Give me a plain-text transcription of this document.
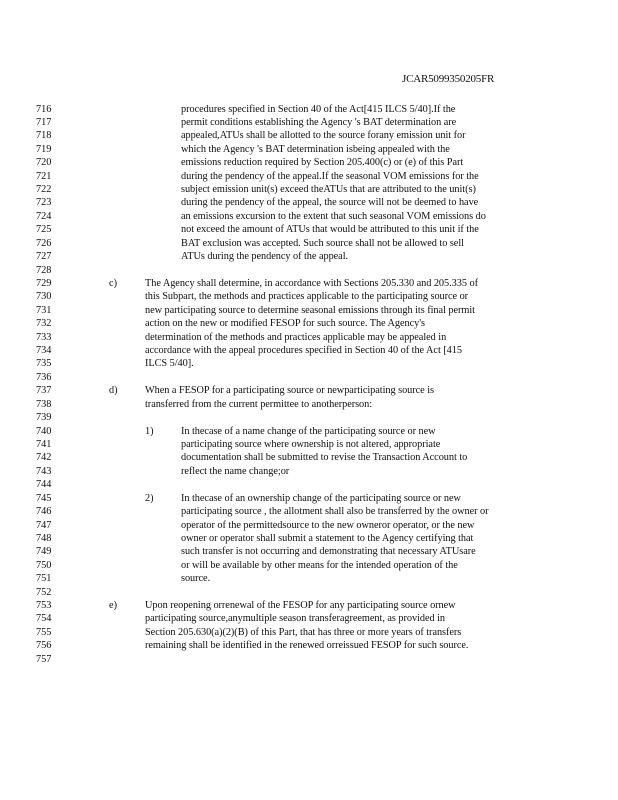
JCAR5099350205FR
716
717
718
719
720
721
722
723
724
725
726
727
728
729
730
731
732
733
734
735
736
737
738
739
740
741
742
743
744
745
746
747
748
749
750
751
752
753
754
755
756
757
procedures specified in Section 40 of the Act[415 ILCS 5/40].If the
permit conditions establishing the Agency 's BAT determination are
appealed,ATUs shall be allotted to the source forany emission unit for
which the Agency 's BAT determination isbeing appealed with the
emissions reduction required by Section 205.400(c) or (e) of this Part
during the pendency of the appeal.If the seasonal VOM emissions for the
subject emission unit(s) exceed theATUs that are attributed to the unit(s)
during the pendency of the appeal, the source will not be deemed to have
an emissions excursion to the extent that such seasonal VOM emissions do
not exceed the amount of ATUs that would be attributed to this unit if the
BAT exclusion was accepted. Such source shall not be allowed to sell
ATUs during the pendency of the appeal.
c)	The Agency shall determine, in accordance with Sections 205.330 and 205.335 of
this Subpart, the methods and practices applicable to the participating source or
new participating source to determine seasonal emissions through its final permit
action on the new or modified FESOP for such source. The Agency's
determination of the methods and practices applicable may be appealed in
accordance with the appeal procedures specified in Section 40 of the Act [415
ILCS 5/40].
d)	When a FESOP for a participating source or newparticipating source is
transferred from the current permittee to anotherperson:
1)	In thecase of a name change of the participating source or new
participating source where ownership is not altered, appropriate
documentation shall be submitted to revise the Transaction Account to
reflect the name change;or
2)	In thecase of an ownership change of the participating source or new
participating source , the allotment shall also be transferred by the owner or
operator of the permittedsource to the new owneror operator, or the new
owner or operator shall submit a statement to the Agency certifying that
such transfer is not occurring and demonstrating that necessary ATUsare
or will be available by other means for the intended operation of the
source.
e)	Upon reopening orrenewal of the FESOP for any participating source ornew
participating source,anymultiple season transferagreement, as provided in
Section 205.630(a)(2)(B) of this Part, that has three or more years of transfers
remaining shall be identified in the renewed orreissued FESOP for such source.
